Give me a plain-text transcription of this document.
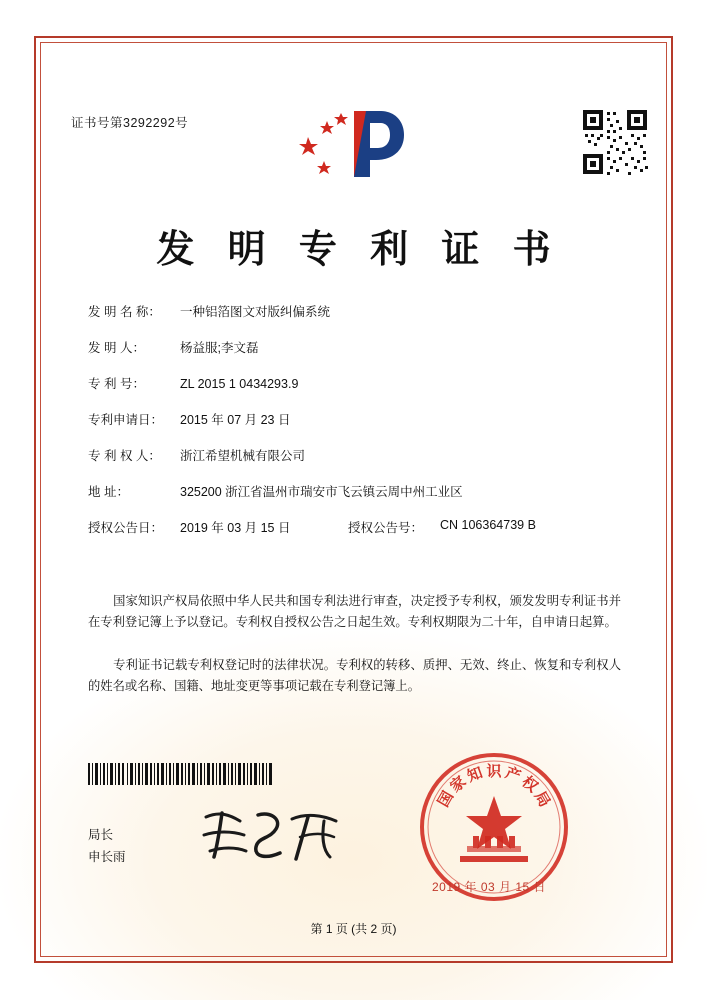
证书号第3292292号
发 明 专 利 证 书
发 明 名 称： 一种铝箔图文对版纠偏系统
发 明 人：	杨益服;李文磊
专 利 号：	ZL 2015 1 0434293.9
专利申请日： 2015 年 07 月 23 日
专 利 权 人： 浙江希望机械有限公司
地 址：	325200 浙江省温州市瑞安市飞云镇云周中州工业区
授权公告日： 2019 年 03 月 15 日	授权公告号： CN 106364739 B
国家知识产权局依照中华人民共和国专利法进行审查，决定授予专利权，颁发发明专利证书并在专利登记簿上予以登记。专利权自授权公告之日起生效。专利权期限为二十年，自申请日起算。
专利证书记载专利权登记时的法律状况。专利权的转移、质押、无效、终止、恢复和专利权人的姓名或名称、国籍、地址变更等事项记载在专利登记簿上。
局长
申长雨
国
家
知 识 产
权
局
2019 年 03 月 15 日
第 1 页 (共 2 页)
